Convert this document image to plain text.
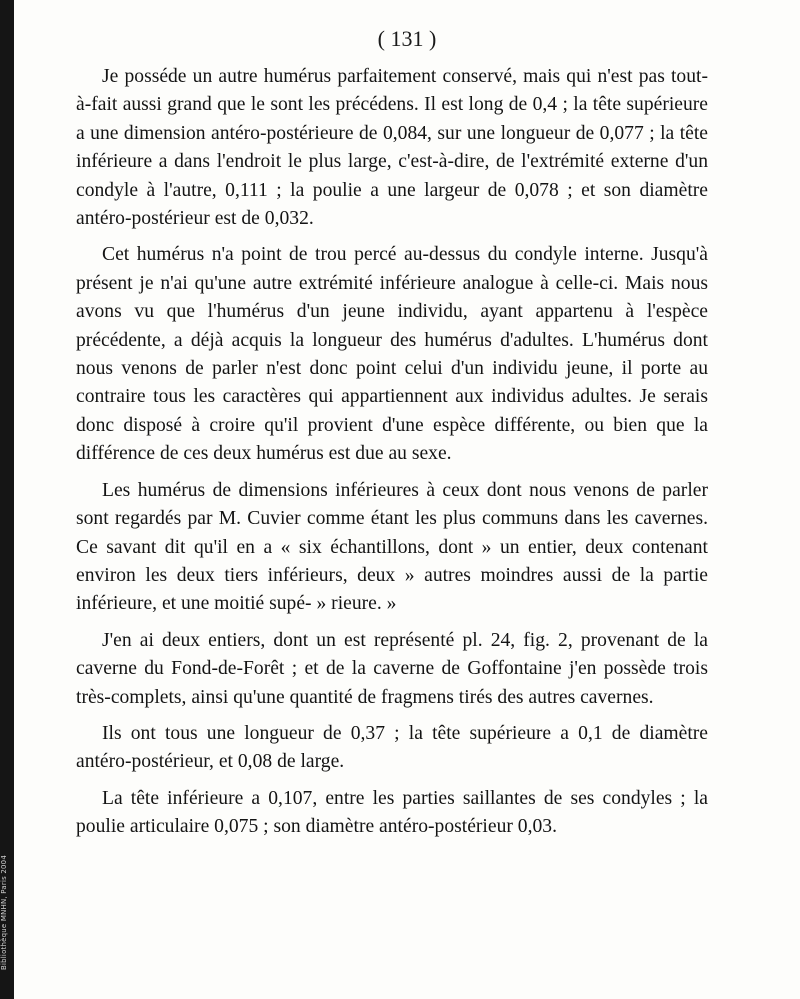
Bibliothèque MNHN, Paris 2004
( 131 )

Je posséde un autre humérus parfaitement conservé, mais qui n'est pas tout-à-fait aussi grand que le sont les précédens. Il est long de 0,4 ; la tête supérieure a une dimension antéro-postérieure de 0,084, sur une longueur de 0,077 ; la tête inférieure a dans l'endroit le plus large, c'est-à-dire, de l'extrémité externe d'un condyle à l'autre, 0,111 ; la poulie a une largeur de 0,078 ; et son diamètre antéro-postérieur est de 0,032.

Cet humérus n'a point de trou percé au-dessus du condyle interne. Jusqu'à présent je n'ai qu'une autre extrémité inférieure analogue à celle-ci. Mais nous avons vu que l'humérus d'un jeune individu, ayant appartenu à l'espèce précédente, a déjà acquis la longueur des humérus d'adultes. L'humérus dont nous venons de parler n'est donc point celui d'un individu jeune, il porte au contraire tous les caractères qui appartiennent aux individus adultes. Je serais donc disposé à croire qu'il provient d'une espèce différente, ou bien que la différence de ces deux humérus est due au sexe.

Les humérus de dimensions inférieures à ceux dont nous venons de parler sont regardés par M. Cuvier comme étant les plus communs dans les cavernes. Ce savant dit qu'il en a « six échantillons, dont » un entier, deux contenant environ les deux tiers inférieurs, deux » autres moindres aussi de la partie inférieure, et une moitié supé- » rieure. »

J'en ai deux entiers, dont un est représenté pl. 24, fig. 2, provenant de la caverne du Fond-de-Forêt ; et de la caverne de Goffontaine j'en possède trois très-complets, ainsi qu'une quantité de fragmens tirés des autres cavernes.

Ils ont tous une longueur de 0,37 ; la tête supérieure a 0,1 de diamètre antéro-postérieur, et 0,08 de large.

La tête inférieure a 0,107, entre les parties saillantes de ses condyles ; la poulie articulaire 0,075 ; son diamètre antéro-postérieur 0,03.
